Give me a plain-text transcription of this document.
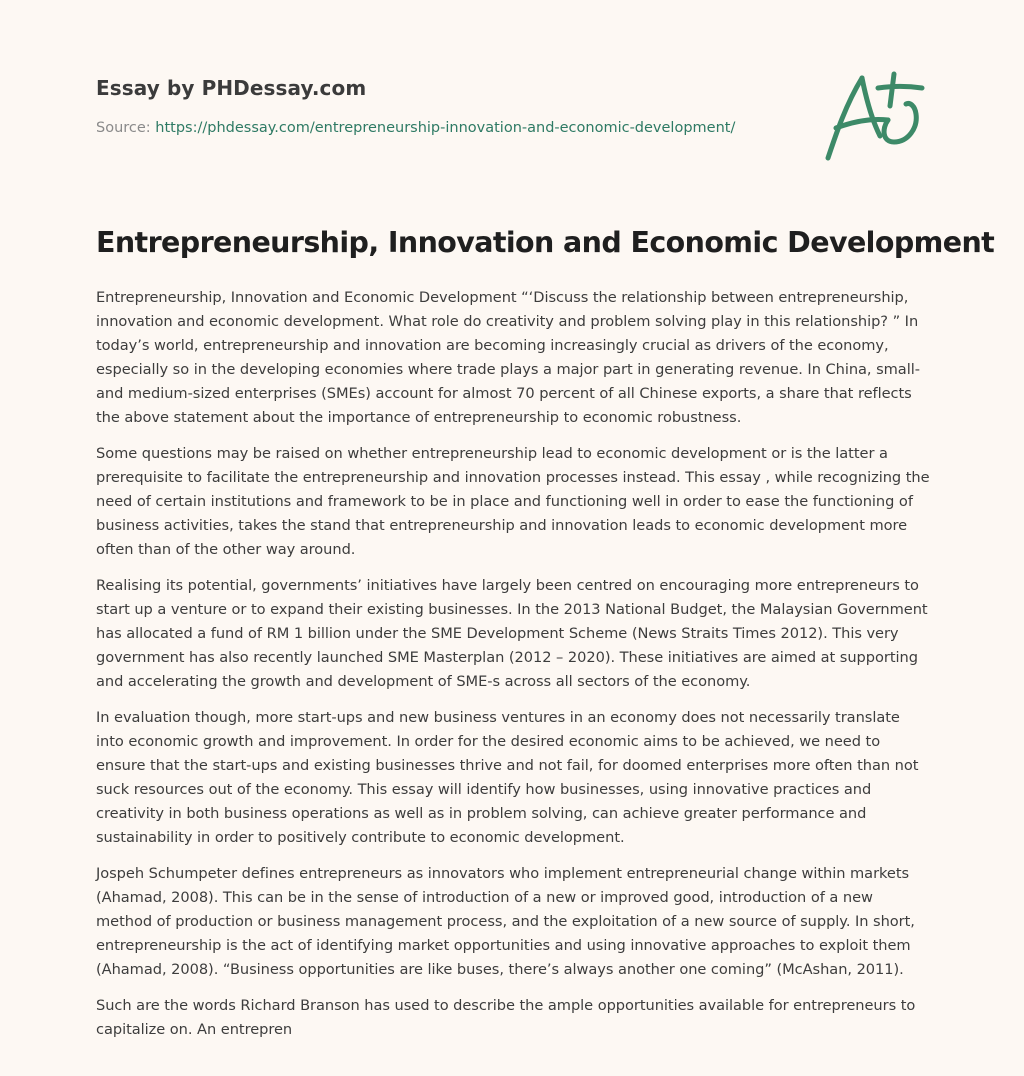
Essay by PHDessay.com
Source: https://phdessay.com/entrepreneurship-innovation-and-economic-development/
Entrepreneurship, Innovation and Economic Development

Entrepreneurship, Innovation and Economic Development “‘Discuss the relationship between entrepreneurship, innovation and economic development. What role do creativity and problem solving play in this relationship? ” In today’s world, entrepreneurship and innovation are becoming increasingly crucial as drivers of the economy, especially so in the developing economies where trade plays a major part in generating revenue. In China, small- and medium-sized enterprises (SMEs) account for almost 70 percent of all Chinese exports, a share that reflects the above statement about the importance of entrepreneurship to economic robustness.

Some questions may be raised on whether entrepreneurship lead to economic development or is the latter a prerequisite to facilitate the entrepreneurship and innovation processes instead. This essay , while recognizing the need of certain institutions and framework to be in place and functioning well in order to ease the functioning of business activities, takes the stand that entrepreneurship and innovation leads to economic development more often than of the other way around.

Realising its potential, governments’ initiatives have largely been centred on encouraging more entrepreneurs to start up a venture or to expand their existing businesses. In the 2013 National Budget, the Malaysian Government has allocated a fund of RM 1 billion under the SME Development Scheme (News Straits Times 2012). This very government has also recently launched SME Masterplan (2012 – 2020). These initiatives are aimed at supporting and accelerating the growth and development of SME-s across all sectors of the economy.

In evaluation though, more start-ups and new business ventures in an economy does not necessarily translate into economic growth and improvement. In order for the desired economic aims to be achieved, we need to ensure that the start-ups and existing businesses thrive and not fail, for doomed enterprises more often than not suck resources out of the economy. This essay will identify how businesses, using innovative practices and creativity in both business operations as well as in problem solving, can achieve greater performance and sustainability in order to positively contribute to economic development.

Jospeh Schumpeter defines entrepreneurs as innovators who implement entrepreneurial change within markets (Ahamad, 2008). This can be in the sense of introduction of a new or improved good, introduction of a new method of production or business management process, and the exploitation of a new source of supply. In short, entrepreneurship is the act of identifying market opportunities and using innovative approaches to exploit them (Ahamad, 2008). “Business opportunities are like buses, there’s always another one coming” (McAshan, 2011).

Such are the words Richard Branson has used to describe the ample opportunities available for entrepreneurs to capitalize on. An entrepren
